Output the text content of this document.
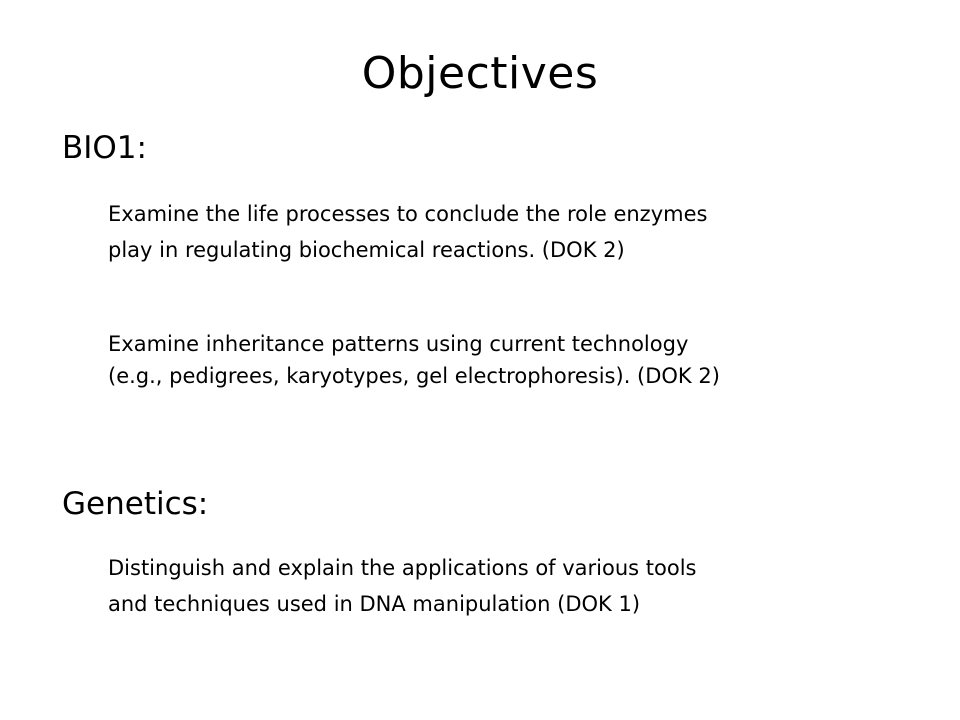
Objectives
BIO1:
Examine the life processes to conclude the role enzymes
play in regulating biochemical reactions. (DOK 2)
Examine inheritance patterns using current technology
(e.g., pedigrees, karyotypes, gel electrophoresis). (DOK 2)
Genetics:
Distinguish and explain the applications of various tools
and techniques used in DNA manipulation (DOK 1)
